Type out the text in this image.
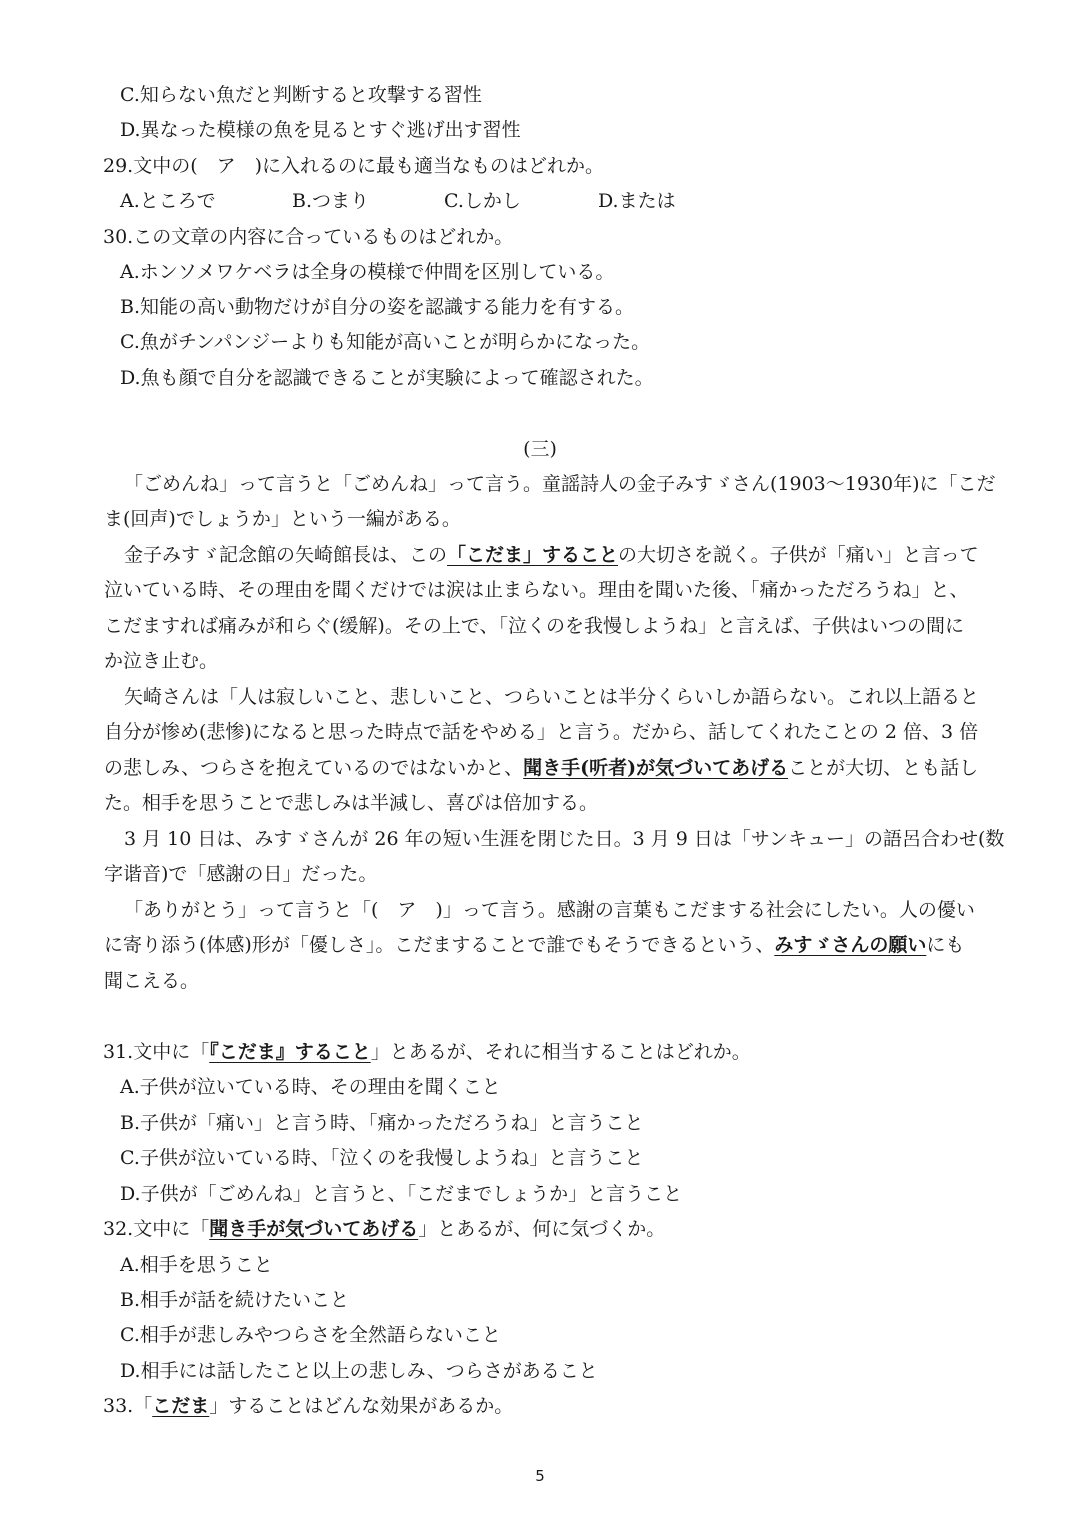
C.知らない魚だと判断すると攻撃する習性

D.異なった模様の魚を見るとすぐ逃げ出す習性

29.文中の(　ア　)に入れるのに最も適当なものはどれか。

A.ところで	B.つまり	C.しかし	D.または

30.この文章の内容に合っているものはどれか。

A.ホンソメワケベラは全身の模様で仲間を区別している。

B.知能の高い動物だけが自分の姿を認識する能力を有する。

C.魚がチンパンジーよりも知能が高いことが明らかになった。

D.魚も顔で自分を認識できることが実験によって確認された。

(三)

「ごめんね」って言うと「ごめんね」って言う。童謡詩人の金子みすゞさん(1903〜1930年)に「こだ

ま(回声)でしょうか」という一編がある。

金子みすゞ記念館の矢崎館長は、この「こだま」することの大切さを説く。子供が「痛い」と言って

泣いている時、その理由を聞くだけでは涙は止まらない。理由を聞いた後、「痛かっただろうね」と、

こだますれば痛みが和らぐ(缓解)。その上で、「泣くのを我慢しようね」と言えば、子供はいつの間に

か泣き止む。

矢崎さんは「人は寂しいこと、悲しいこと、つらいことは半分くらいしか語らない。これ以上語ると

自分が惨め(悲惨)になると思った時点で話をやめる」と言う。だから、話してくれたことの 2 倍、3 倍

の悲しみ、つらさを抱えているのではないかと、聞き手(听者)が気づいてあげることが大切、とも話し

た。相手を思うことで悲しみは半減し、喜びは倍加する。

3 月 10 日は、みすゞさんが 26 年の短い生涯を閉じた日。3 月 9 日は「サンキュー」の語呂合わせ(数

字谐音)で「感謝の日」だった。

「ありがとう」って言うと「(　ア　)」って言う。感謝の言葉もこだまする社会にしたい。人の優い

に寄り添う(体感)形が「優しさ」。こだますることで誰でもそうできるという、みすゞさんの願いにも

聞こえる。

31.文中に「『こだま』すること」とあるが、それに相当することはどれか。

A.子供が泣いている時、その理由を聞くこと

B.子供が「痛い」と言う時、「痛かっただろうね」と言うこと

C.子供が泣いている時、「泣くのを我慢しようね」と言うこと

D.子供が「ごめんね」と言うと、「こだまでしょうか」と言うこと

32.文中に「聞き手が気づいてあげる」とあるが、何に気づくか。

A.相手を思うこと

B.相手が話を続けたいこと

C.相手が悲しみやつらさを全然語らないこと

D.相手には話したこと以上の悲しみ、つらさがあること

33.「こだま」することはどんな効果があるか。

5
